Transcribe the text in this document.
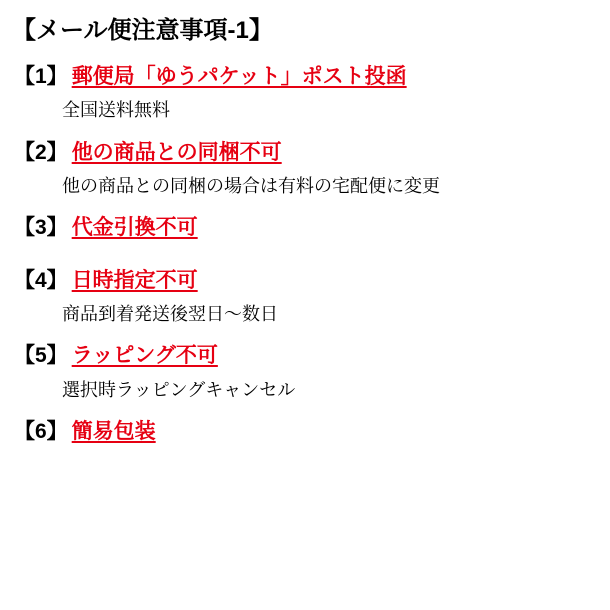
【メール便注意事項-1】
【1】 郵便局「ゆうパケット」ポスト投函
全国送料無料
【2】 他の商品との同梱不可
他の商品との同梱の場合は有料の宅配便に変更
【3】 代金引換不可
【4】 日時指定不可
商品到着発送後翌日～数日
【5】 ラッピング不可
選択時ラッピングキャンセル
【6】 簡易包装
